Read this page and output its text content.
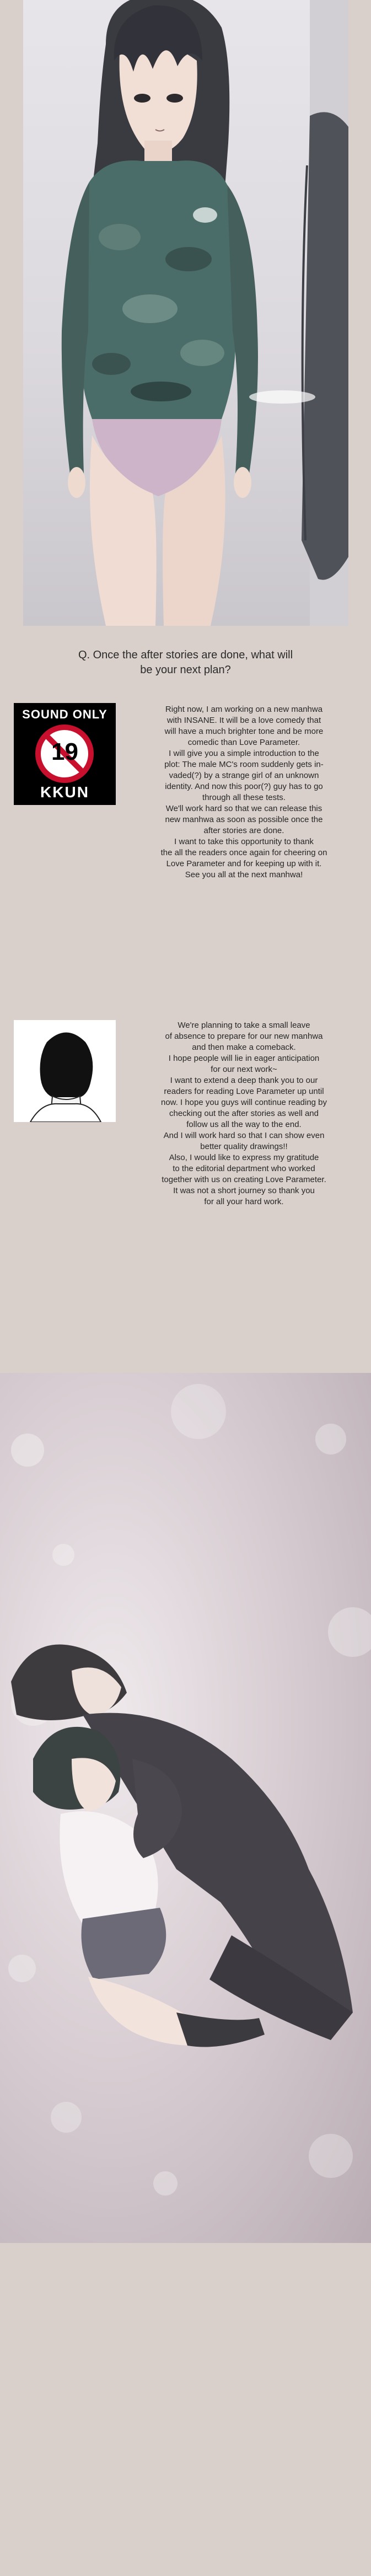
Q. Once the after stories are done, what will
be your next plan?
SOUND ONLY
19
KKUN

Right now, I am working on a new manhwa

with INSANE. It will be a love comedy that

will have a much brighter tone and be more

comedic than Love Parameter.

I will give you a simple introduction to the

plot: The male MC's room suddenly gets in-

vaded(?) by a strange girl of an unknown

identity. And now this poor(?) guy has to go

through all these tests.

We'll work hard so that we can release this

new manhwa as soon as possible once the

after stories are done.

I want to take this opportunity to thank

the all the readers once again for cheering on

Love Parameter and for keeping up with it.

See you all at the next manhwa!

We're planning to take a small leave

of absence to prepare for our new manhwa

and then make a comeback.

I hope people will lie in eager anticipation

for our next work~

I want to extend a deep thank you to our

readers for reading Love Parameter up until

now. I hope you guys will continue reading by

checking out the after stories as well and

follow us all the way to the end.

And I will work hard so that I can show even

better quality drawings!!

Also, I would like to express my gratitude

to the editorial department who worked

together with us on creating Love Parameter.

It was not a short journey so thank you

for all your hard work.
